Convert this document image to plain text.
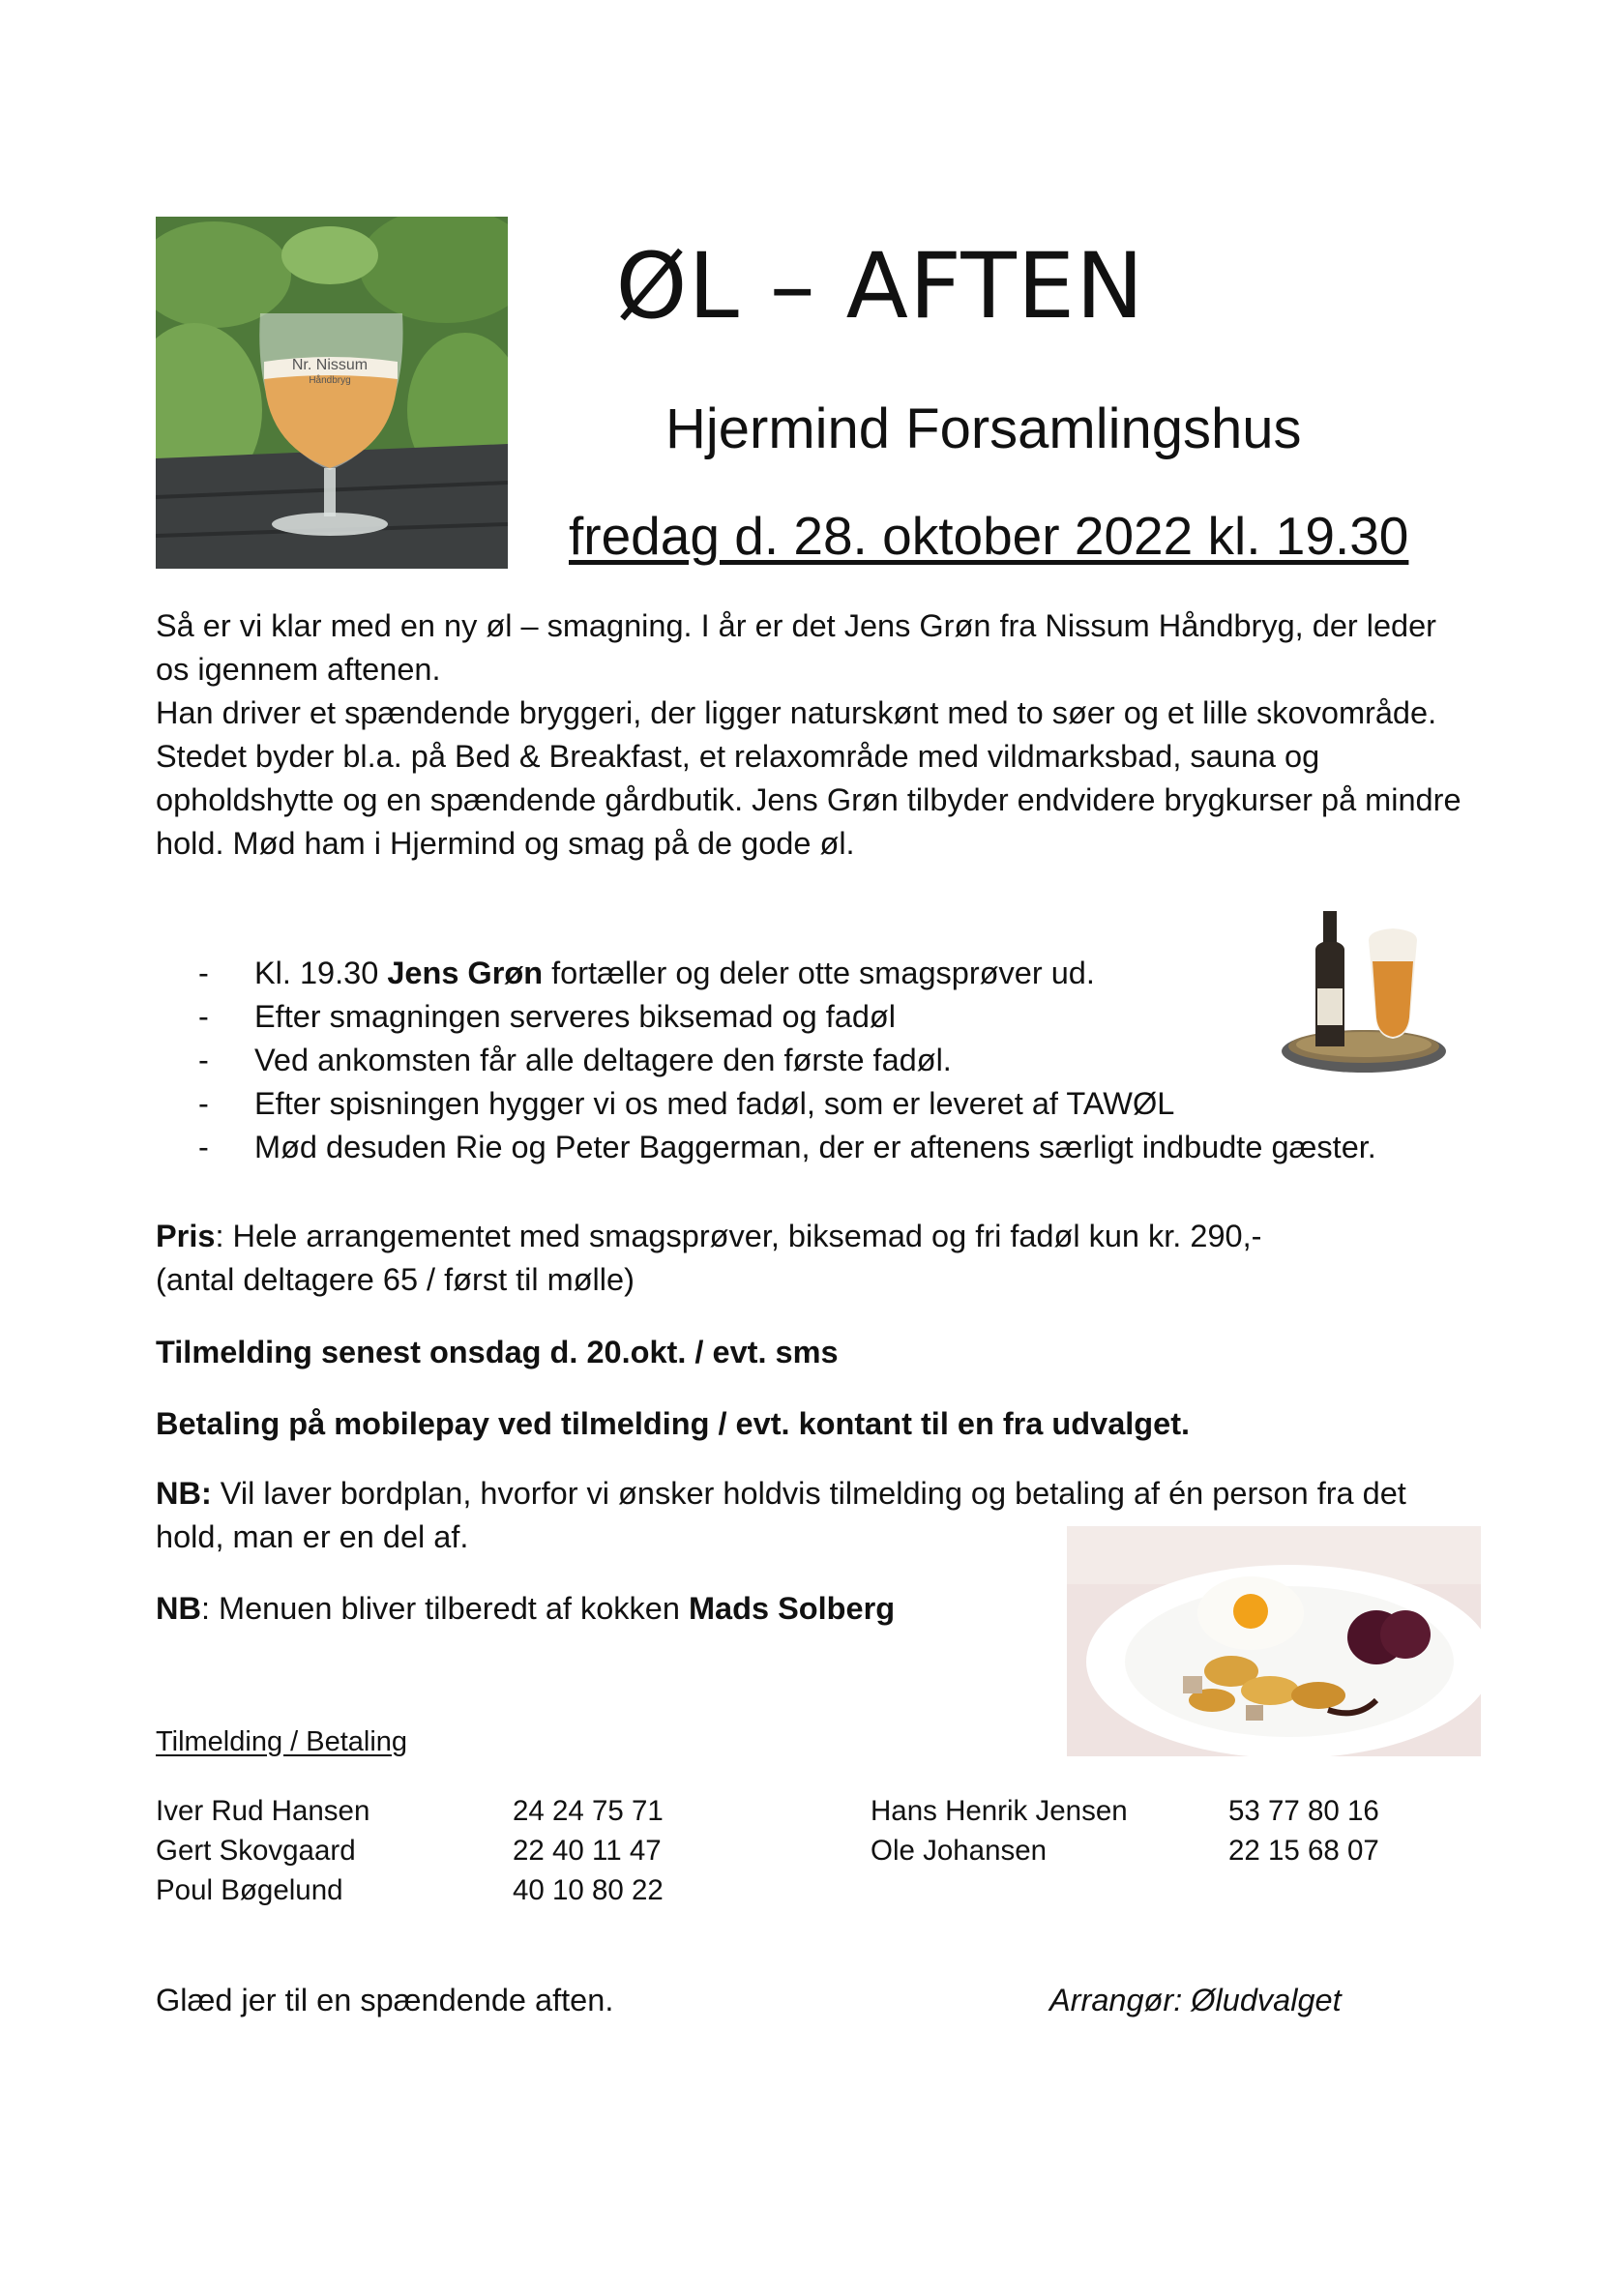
Nr. Nissum
Håndbryg
ØL – AFTEN
Hjermind Forsamlingshus
fredag d. 28. oktober 2022 kl. 19.30

Så er vi klar med en ny øl – smagning. I år er det Jens Grøn fra Nissum Håndbryg, der leder os igennem aftenen.

Han driver et spændende bryggeri, der ligger naturskønt med to søer og et lille skovområde.

Stedet byder bl.a. på Bed & Breakfast, et relaxområde med vildmarksbad, sauna og opholdshytte og en spændende gårdbutik. Jens Grøn tilbyder endvidere brygkurser på mindre hold. Mød ham i Hjermind og smag på de gode øl.

- Kl. 19.30 Jens Grøn fortæller og deler otte smagsprøver ud.
- Efter smagningen serveres biksemad og fadøl
- Ved ankomsten får alle deltagere den første fadøl.
- Efter spisningen hygger vi os med fadøl, som er leveret af TAWØL
- Mød desuden Rie og Peter Baggerman, der er aftenens særligt indbudte gæster.

Pris: Hele arrangementet med smagsprøver, biksemad og fri fadøl kun kr. 290,-

(antal deltagere 65 / først til mølle)

Tilmelding senest onsdag d. 20.okt. / evt. sms
Betaling på mobilepay ved tilmelding / evt. kontant til en fra udvalget.
NB: Vil laver bordplan, hvorfor vi ønsker holdvis tilmelding og betaling af én person fra det hold, man er en del af.
NB: Menuen bliver tilberedt af kokken Mads Solberg
Tilmelding / Betaling
Iver Rud Hansen	24 24 75 71
Gert Skovgaard	22 40 11 47
Poul Bøgelund	40 10 80 22
Hans Henrik Jensen	53 77 80 16
Ole Johansen	22 15 68 07
Glæd jer til en spændende aften.	Arrangør: Øludvalget
